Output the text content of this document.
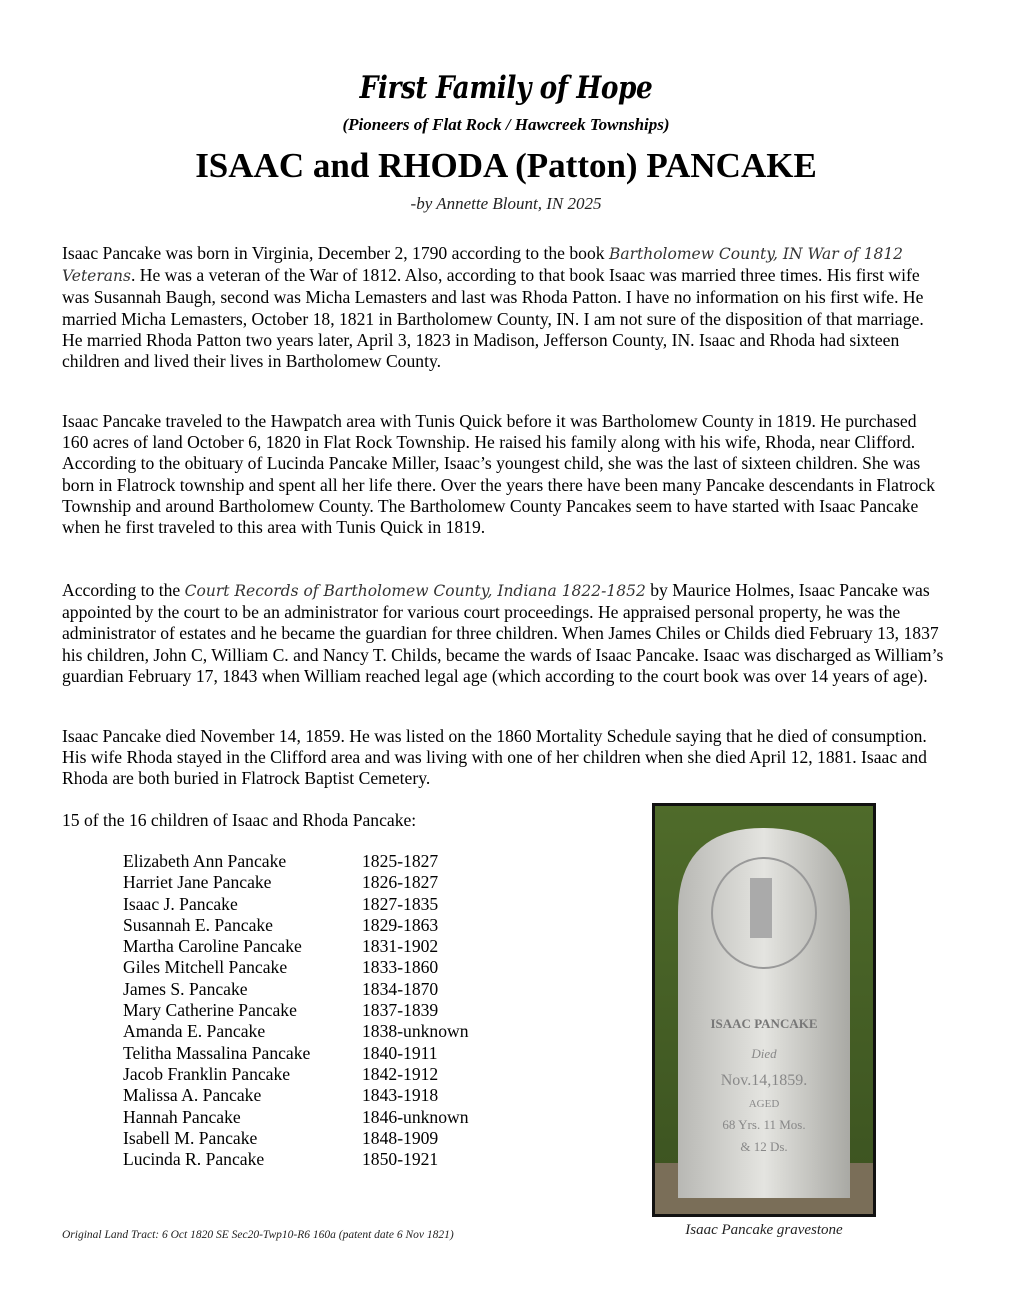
First Family of Hope
(Pioneers of Flat Rock / Hawcreek Townships)
ISAAC and RHODA (Patton) PANCAKE
-by Annette Blount, IN 2025
Isaac Pancake was born in Virginia, December 2, 1790 according to the book Bartholomew County, IN War of 1812 Veterans. He was a veteran of the War of 1812. Also, according to that book Isaac was married three times. His first wife was Susannah Baugh, second was Micha Lemasters and last was Rhoda Patton. I have no information on his first wife. He married Micha Lemasters, October 18, 1821 in Bartholomew County, IN. I am not sure of the disposition of that marriage. He married Rhoda Patton two years later, April 3, 1823 in Madison, Jefferson County, IN. Isaac and Rhoda had sixteen children and lived their lives in Bartholomew County.
Isaac Pancake traveled to the Hawpatch area with Tunis Quick before it was Bartholomew County in 1819. He purchased 160 acres of land October 6, 1820 in Flat Rock Township. He raised his family along with his wife, Rhoda, near Clifford. According to the obituary of Lucinda Pancake Miller, Isaac’s youngest child, she was the last of sixteen children. She was born in Flatrock township and spent all her life there. Over the years there have been many Pancake descendants in Flatrock Township and around Bartholomew County. The Bartholomew County Pancakes seem to have started with Isaac Pancake when he first traveled to this area with Tunis Quick in 1819.
According to the Court Records of Bartholomew County, Indiana 1822-1852 by Maurice Holmes, Isaac Pancake was appointed by the court to be an administrator for various court proceedings. He appraised personal property, he was the administrator of estates and he became the guardian for three children. When James Chiles or Childs died February 13, 1837 his children, John C, William C. and Nancy T. Childs, became the wards of Isaac Pancake. Isaac was discharged as William’s guardian February 17, 1843 when William reached legal age (which according to the court book was over 14 years of age).
Isaac Pancake died November 14, 1859. He was listed on the 1860 Mortality Schedule saying that he died of consumption. His wife Rhoda stayed in the Clifford area and was living with one of her children when she died April 12, 1881. Isaac and Rhoda are both buried in Flatrock Baptist Cemetery.
15 of the 16 children of Isaac and Rhoda Pancake:
Elizabeth Ann Pancake	1825-1827
Harriet Jane Pancake	1826-1827
Isaac J. Pancake	1827-1835
Susannah E. Pancake	1829-1863
Martha Caroline Pancake	1831-1902
Giles Mitchell Pancake	1833-1860
James S. Pancake	1834-1870
Mary Catherine Pancake	1837-1839
Amanda E. Pancake	1838-unknown
Telitha Massalina Pancake	1840-1911
Jacob Franklin Pancake	1842-1912
Malissa A. Pancake	1843-1918
Hannah Pancake	1846-unknown
Isabell M. Pancake	1848-1909
Lucinda R. Pancake	1850-1921
ISAAC PANCAKE
Died
Nov.14,1859.
AGED
68 Yrs. 11 Mos.
& 12 Ds.
Isaac Pancake gravestone
Original Land Tract: 6 Oct 1820 SE Sec20-Twp10-R6 160a (patent date 6 Nov 1821)
